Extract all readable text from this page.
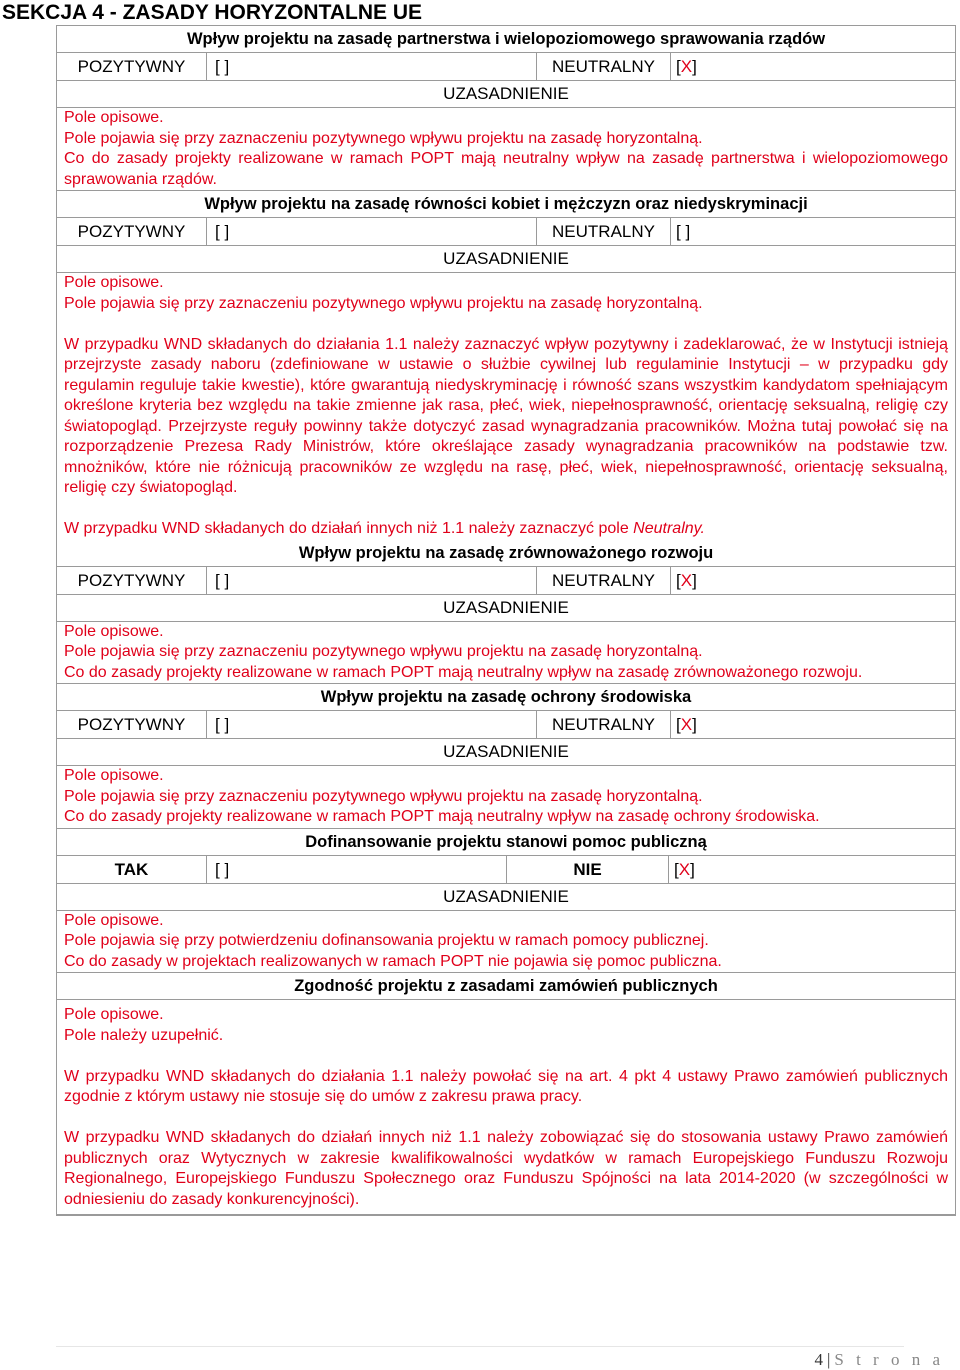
SEKCJA 4 - ZASADY HORYZONTALNE UE
Wpływ projektu na zasadę partnerstwa i wielopoziomowego sprawowania rządów
POZYTYWNY	[ ]	NEUTRALNY	[X]
UZASADNIENIE

Pole opisowe.

Pole pojawia się przy zaznaczeniu pozytywnego wpływu projektu na zasadę horyzontalną.

Co do zasady projekty realizowane w ramach POPT mają neutralny wpływ na zasadę partnerstwa i wielopoziomowego sprawowania rządów.

Wpływ projektu na zasadę równości kobiet i mężczyzn oraz niedyskryminacji
POZYTYWNY	[ ]	NEUTRALNY	[ ]
UZASADNIENIE

Pole opisowe.

Pole pojawia się przy zaznaczeniu pozytywnego wpływu projektu na zasadę horyzontalną.

W przypadku WND składanych do działania 1.1 należy zaznaczyć wpływ pozytywny i zadeklarować, że w Instytucji istnieją przejrzyste zasady naboru (zdefiniowane w ustawie o służbie cywilnej lub regulaminie Instytucji – w przypadku gdy regulamin reguluje takie kwestie), które gwarantują niedyskryminację i równość szans wszystkim kandydatom spełniającym określone kryteria bez względu na takie zmienne jak rasa, płeć, wiek, niepełnosprawność, orientację seksualną, religię czy światopogląd. Przejrzyste reguły powinny także dotyczyć zasad wynagradzania pracowników. Można tutaj powołać się na rozporządzenie Prezesa Rady Ministrów, które określające zasady wynagradzania pracowników na podstawie tzw. mnożników, które nie różnicują pracowników ze względu na rasę, płeć, wiek, niepełnosprawność, orientację seksualną, religię czy światopogląd.

W przypadku WND składanych do działań innych niż 1.1 należy zaznaczyć pole Neutralny.

Wpływ projektu na zasadę zrównoważonego rozwoju
POZYTYWNY	[ ]	NEUTRALNY	[X]
UZASADNIENIE

Pole opisowe.

Pole pojawia się przy zaznaczeniu pozytywnego wpływu projektu na zasadę horyzontalną.

Co do zasady projekty realizowane w ramach POPT mają neutralny wpływ na zasadę zrównoważonego rozwoju.

Wpływ projektu na zasadę ochrony środowiska
POZYTYWNY	[ ]	NEUTRALNY	[X]
UZASADNIENIE

Pole opisowe.

Pole pojawia się przy zaznaczeniu pozytywnego wpływu projektu na zasadę horyzontalną.

Co do zasady projekty realizowane w ramach POPT mają neutralny wpływ na zasadę ochrony środowiska.

Dofinansowanie projektu stanowi pomoc publiczną
TAK	[ ]	NIE	[X]
UZASADNIENIE

Pole opisowe.

Pole pojawia się przy potwierdzeniu dofinansowania projektu w ramach pomocy publicznej.

Co do zasady w projektach realizowanych w ramach POPT nie pojawia się pomoc publiczna.

Zgodność projektu z zasadami zamówień publicznych

Pole opisowe.

Pole należy uzupełnić.

W przypadku WND składanych do działania 1.1 należy powołać się na art. 4 pkt 4 ustawy Prawo zamówień publicznych zgodnie z którym ustawy nie stosuje się do umów z zakresu prawa pracy.

W przypadku WND składanych do działań innych niż 1.1 należy zobowiązać się do stosowania ustawy Prawo zamówień publicznych oraz Wytycznych w zakresie kwalifikowalności wydatków w ramach Europejskiego Funduszu Rozwoju Regionalnego, Europejskiego Funduszu Społecznego oraz Funduszu Spójności na lata 2014-2020 (w szczególności w odniesieniu do zasady konkurencyjności).

4|S t r o n a
